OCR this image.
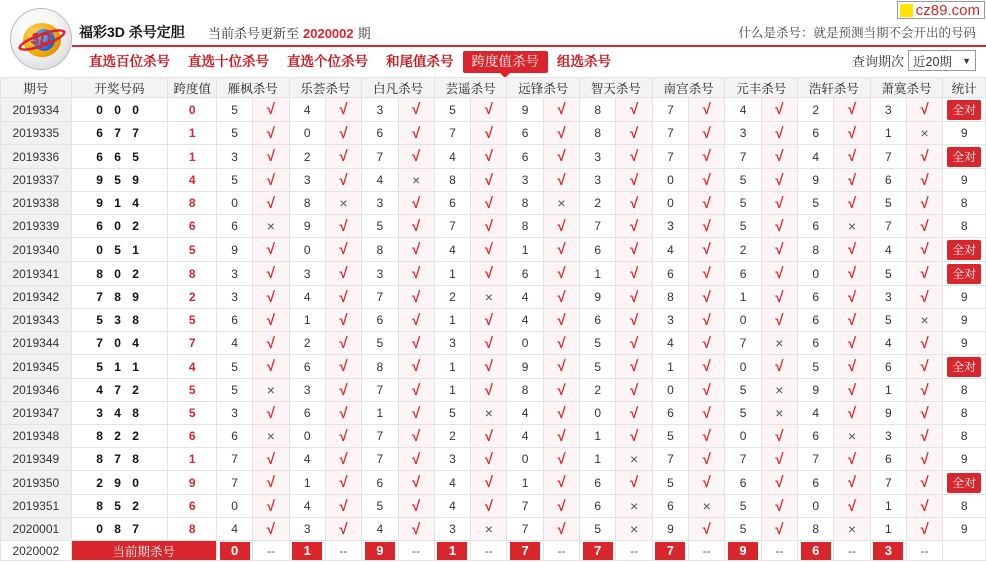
3D	福彩3D 杀号定胆 当前杀号更新至 2020002 期
cz89.com
什么是杀号：就是预测当期不会开出的号码
直选百位杀号	直选十位杀号	直选个位杀号	和尾值杀号	跨度值杀号	组选杀号	查询期次 近20期 ▼
期号	开奖号码	跨度值	雁枫杀号		乐荟杀号		白凡杀号		芸遥杀号		远锋杀号		智天杀号		南宫杀号		元丰杀号		浩轩杀号		萧寞杀号		统计
2019334	0 0 0	0	5	√	4	√	3	√	5	√	9	√	8	√	7	√	4	√	2	√	3	√	全对
2019335	6 7 7	1	5	√	0	√	6	√	7	√	6	√	8	√	7	√	3	√	6	√	1	×	9
2019336	6 6 5	1	3	√	2	√	7	√	4	√	6	√	3	√	7	√	7	√	4	√	7	√	全对
2019337	9 5 9	4	5	√	3	√	4	×	8	√	3	√	3	√	0	√	5	√	9	√	6	√	9
2019338	9 1 4	8	0	√	8	×	3	√	6	√	8	×	2	√	0	√	5	√	5	√	5	√	8
2019339	6 0 2	6	6	×	9	√	5	√	7	√	8	√	7	√	3	√	5	√	6	×	7	√	8
2019340	0 5 1	5	9	√	0	√	8	√	4	√	1	√	6	√	4	√	2	√	8	√	4	√	全对
2019341	8 0 2	8	3	√	3	√	3	√	1	√	6	√	1	√	6	√	6	√	0	√	5	√	全对
2019342	7 8 9	2	3	√	4	√	7	√	2	×	4	√	9	√	8	√	1	√	6	√	3	√	9
2019343	5 3 8	5	6	√	1	√	6	√	1	√	4	√	6	√	3	√	0	√	6	√	5	×	9
2019344	7 0 4	7	4	√	2	√	5	√	3	√	0	√	5	√	4	√	7	×	6	√	4	√	9
2019345	5 1 1	4	5	√	6	√	8	√	1	√	9	√	5	√	1	√	0	√	5	√	6	√	全对
2019346	4 7 2	5	5	×	3	√	7	√	1	√	8	√	2	√	0	√	5	×	9	√	1	√	8
2019347	3 4 8	5	3	√	6	√	1	√	5	×	4	√	0	√	6	√	5	×	4	√	9	√	8
2019348	8 2 2	6	6	×	0	√	7	√	2	√	4	√	1	√	5	√	0	√	6	×	3	√	8
2019349	8 7 8	1	7	√	4	√	7	√	3	√	0	√	1	×	7	√	7	√	7	√	6	√	9
2019350	2 9 0	9	7	√	1	√	6	√	4	√	1	√	6	√	5	√	6	√	6	√	7	√	全对
2019351	8 5 2	6	0	√	4	√	5	√	4	√	7	√	6	×	6	×	5	√	0	√	1	√	8
2020001	0 8 7	8	4	√	3	√	4	√	3	×	7	√	5	×	9	√	5	√	8	×	1	√	9
2020002	当前期杀号		0	--	1	--	9	--	1	--	7	--	7	--	7	--	9	--	6	--	3	--	
